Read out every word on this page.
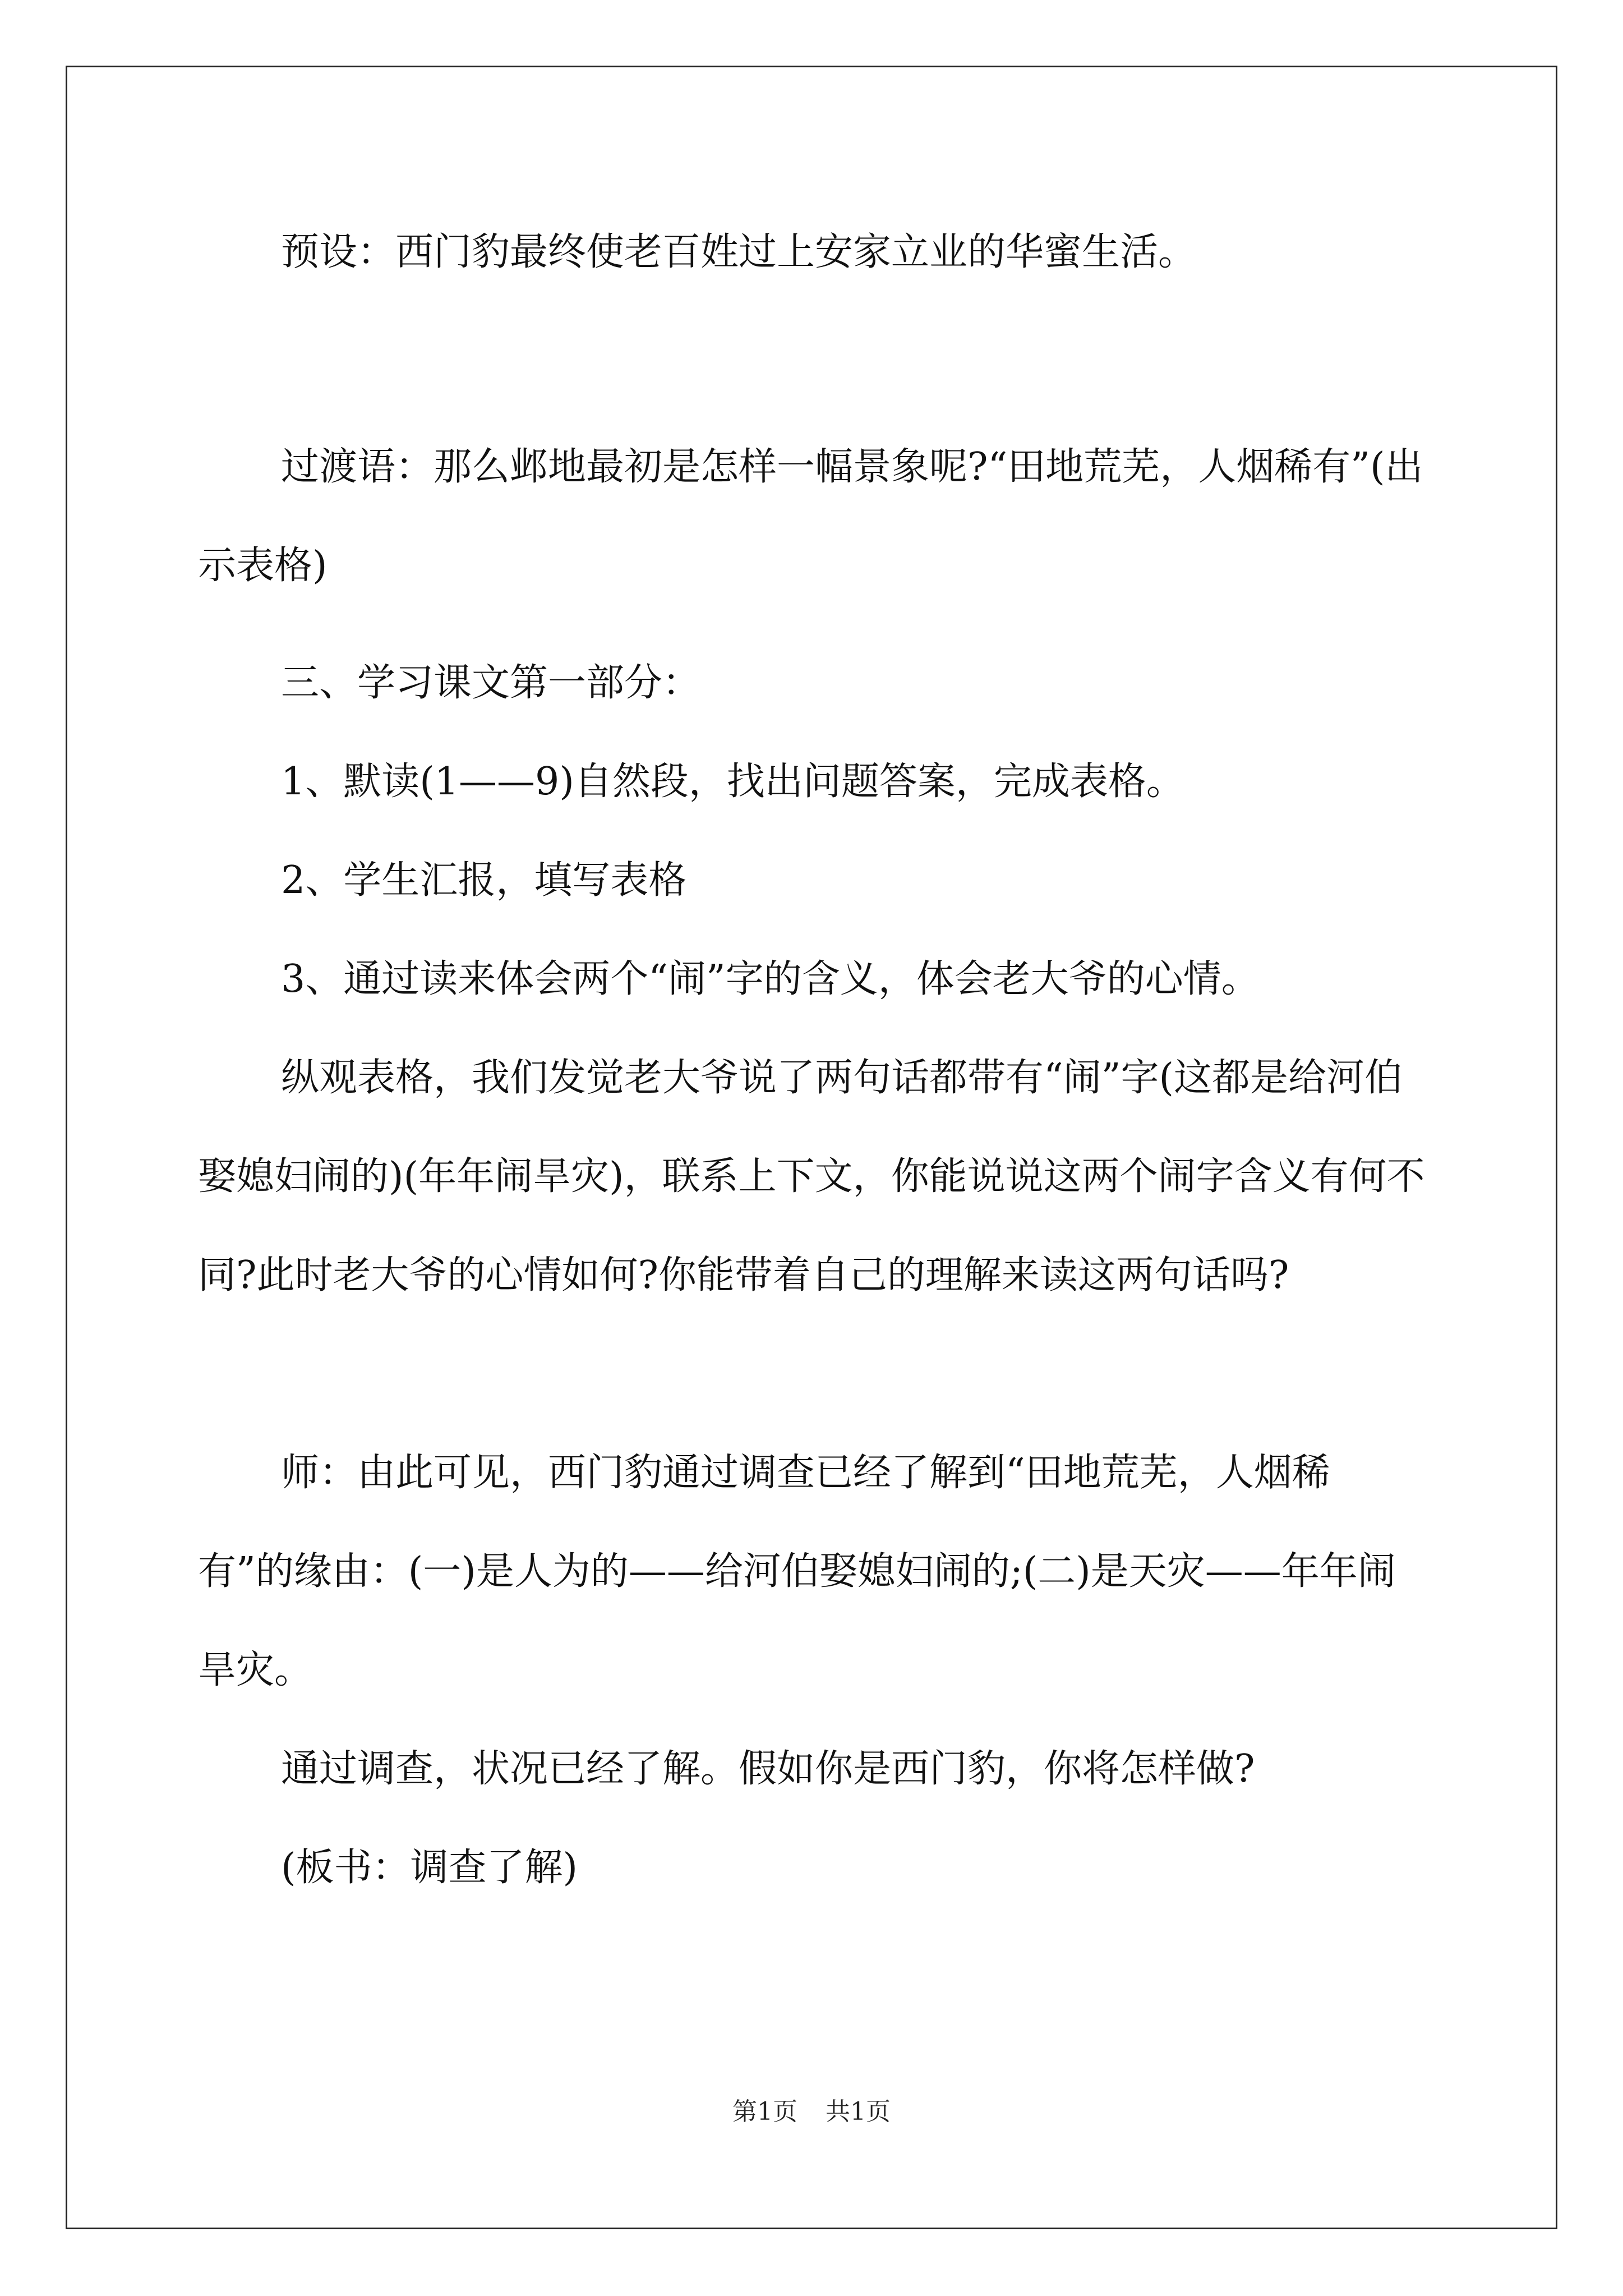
预设：西门豹最终使老百姓过上安家立业的华蜜生活。

过渡语：那么邺地最初是怎样一幅景象呢?“田地荒芜，人烟稀有”(出示表格)

三、学习课文第一部分：

1、默读(1——9)自然段，找出问题答案，完成表格。

2、学生汇报，填写表格

3、通过读来体会两个“闹”字的含义，体会老大爷的心情。

纵观表格，我们发觉老大爷说了两句话都带有“闹”字(这都是给河伯娶媳妇闹的)(年年闹旱灾)，联系上下文，你能说说这两个闹字含义有何不同?此时老大爷的心情如何?你能带着自己的理解来读这两句话吗?

师：由此可见，西门豹通过调查已经了解到“田地荒芜，人烟稀有”的缘由：(一)是人为的——给河伯娶媳妇闹的;(二)是天灾——年年闹旱灾。

通过调查，状况已经了解。假如你是西门豹，你将怎样做?

(板书：调查了解)

第1页 共1页
